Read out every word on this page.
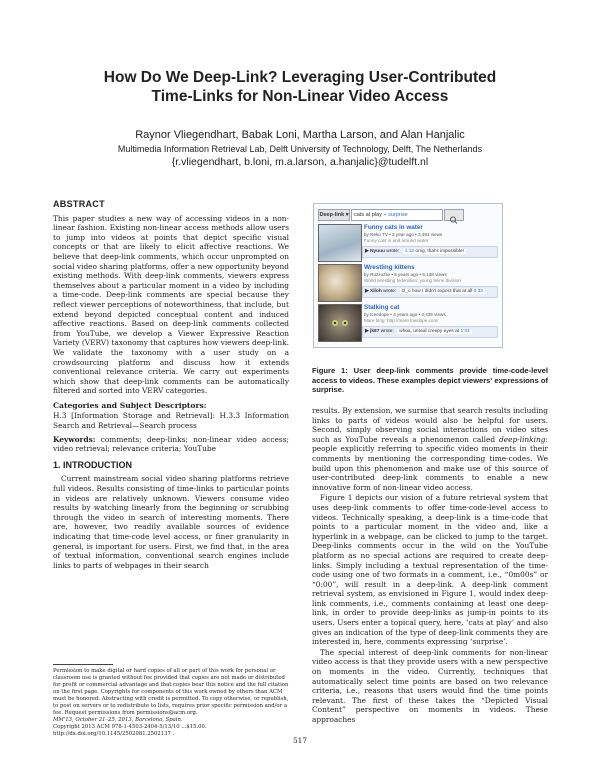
How Do We Deep-Link? Leveraging User-Contributed
Time-Links for Non-Linear Video Access
Raynor Vliegendhart, Babak Loni, Martha Larson, and Alan Hanjalic
Multimedia Information Retrieval Lab, Delft University of Technology, Delft, The Netherlands
{r.vliegendhart, b.loni, m.a.larson, a.hanjalic}@tudelft.nl
ABSTRACT

This paper studies a new way of accessing videos in a non-linear fashion. Existing non-linear access methods allow users to jump into videos at points that depict specific visual concepts or that are likely to elicit affective reactions. We believe that deep-link comments, which occur unprompted on social video sharing platforms, offer a new opportunity beyond existing methods. With deep-link comments, viewers express themselves about a particular moment in a video by including a time-code. Deep-link comments are special because they reflect viewer perceptions of noteworthiness, that include, but extend beyond depicted conceptual content and induced affective reactions. Based on deep-link comments collected from YouTube, we develop a Viewer Expressive Reaction Variety (VERV) taxonomy that captures how viewers deep-link. We validate the taxonomy with a user study on a crowdsourcing platform and discuss how it extends conventional relevance criteria. We carry out experiments which show that deep-link comments can be automatically filtered and sorted into VERV categories.

Categories and Subject Descriptors:

H.3 [Information Storage and Retrieval]: H.3.3 Information Search and Retrieval—Search process

Keywords: comments; deep-links; non-linear video access; video retrieval; relevance criteria; YouTube

1. INTRODUCTION

Current mainstream social video sharing platforms retrieve full videos. Results consisting of time-links to particular points in videos are relatively unknown. Viewers consume video results by watching linearly from the beginning or scrubbing through the video in search of interesting moments. There are, however, two readily available sources of evidence indicating that time-code level access, or finer granularity in general, is important for users. First, we find that, in the area of textual information, conventional search engines include links to parts of webpages in their search

Permission to make digital or hard copies of all or part of this work for personal or classroom use is granted without fee provided that copies are not made or distributed for profit or commercial advantage and that copies bear this notice and the full citation on the first page. Copyrights for components of this work owned by others than ACM must be honored. Abstracting with credit is permitted. To copy otherwise, or republish, to post on servers or to redistribute to lists, requires prior specific permission and/or a fee. Request permissions from permissions@acm.org.

MM'13, October 21–25, 2013, Barcelona, Spain.

Copyright 2013 ACM 978-1-4503-2404-5/13/10 ...$15.00.

http://dx.doi.org/10.1145/2502081.2502137 .

Deep-link ▾ cats at play + surprise
Funny cats in water
by Neko TV • 2 year ago • 3,491 views
Funny cats in and around water
▶ Nyuuu wrote: 1:12 omg, that's impossible!
Wrestling kittens
by Ruzzuzlie • 5 years ago • 6,138 views
World wrestling federation: young feline division
▶ Xiloh wrote: O_o how I didn't expect that at all 0:33
Stalking cat
by Iceedope • 4 years ago • 4,435 views
Mare blog: http://mare.lowdope.com/
▶ jk87 wrote: whoa, unreal creepy eyes at 1:02
Figure 1: User deep-link comments provide time-code-level access to videos. These examples depict viewers' expressions of surprise.

results. By extension, we surmise that search results including links to parts of videos would also be helpful for users. Second, simply observing social interactions on video sites such as YouTube reveals a phenomenon called deep-linking: people explicitly referring to specific video moments in their comments by mentioning the corresponding time-codes. We build upon this phenomenon and make use of this source of user-contributed deep-link comments to enable a new innovative form of non-linear video access.

Figure 1 depicts our vision of a future retrieval system that uses deep-link comments to offer time-code-level access to videos. Technically speaking, a deep-link is a time-code that points to a particular moment in the video and, like a hyperlink in a webpage, can be clicked to jump to the target. Deep-links comments occur in the wild on the YouTube platform as no special actions are required to create deep-links. Simply including a textual representation of the time-code using one of two formats in a comment, i.e., “0m00s” or “0:00”, will result in a deep-link. A deep-link comment retrieval system, as envisioned in Figure 1, would index deep-link comments, i.e., comments containing at least one deep-link, in order to provide deep-links as jump-in points to its users. Users enter a topical query, here, ‘cats at play’ and also gives an indication of the type of deep-link comments they are interested in, here, comments expressing ‘surprise’.

The special interest of deep-link comments for non-linear video access is that they provide users with a new perspective on moments in the video. Currently, techniques that automatically select time points are based on two relevance criteria, i.e., reasons that users would find the time points relevant. The first of these takes the “Depicted Visual Content” perspective on moments in videos. These approaches

517
